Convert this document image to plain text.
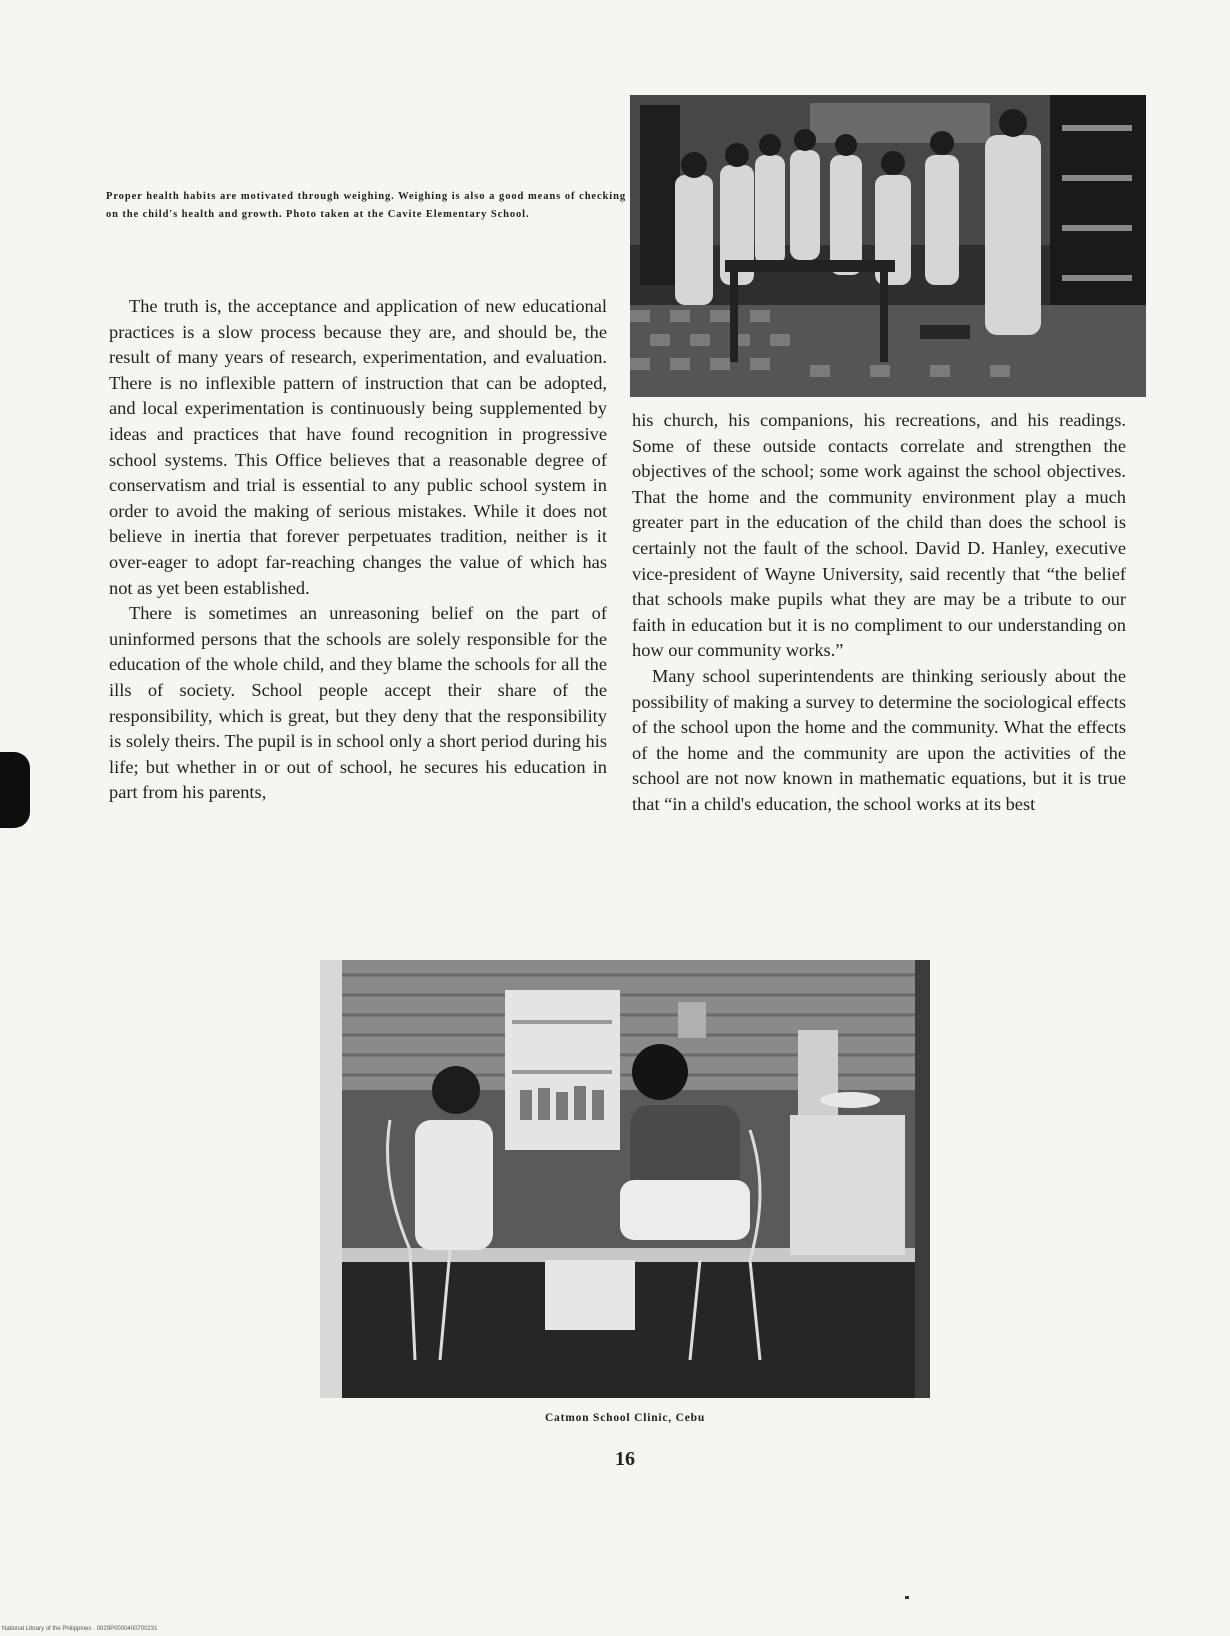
Proper health habits are motivated through weighing. Weighing is also a good means of checking on the child's health and growth. Photo taken at the Cavite Elementary School.

The truth is, the acceptance and application of new educational practices is a slow process because they are, and should be, the result of many years of research, experimentation, and evaluation. There is no inflexible pattern of instruction that can be adopted, and local experimentation is continuously being supplemented by ideas and practices that have found recognition in progressive school systems. This Office believes that a reasonable degree of conservatism and trial is essential to any public school system in order to avoid the making of serious mistakes. While it does not believe in inertia that forever perpetuates tradition, neither is it over-eager to adopt far-reaching changes the value of which has not as yet been established.

There is sometimes an unreasoning belief on the part of uninformed persons that the schools are solely responsible for the education of the whole child, and they blame the schools for all the ills of society. School people accept their share of the responsibility, which is great, but they deny that the responsibility is solely theirs. The pupil is in school only a short period during his life; but whether in or out of school, he secures his education in part from his parents,

his church, his companions, his recreations, and his readings. Some of these outside contacts correlate and strengthen the objectives of the school; some work against the school objectives. That the home and the community environment play a much greater part in the education of the child than does the school is certainly not the fault of the school. David D. Hanley, executive vice-president of Wayne University, said recently that “the belief that schools make pupils what they are may be a tribute to our faith in education but it is no compliment to our understanding on how our community works.”

Many school superintendents are thinking seriously about the possibility of making a survey to determine the sociological effects of the school upon the home and the community. What the effects of the home and the community are upon the activities of the school are not now known in mathematic equations, but it is true that “in a child's education, the school works at its best

Catmon School Clinic, Cebu
16
National Library of the Philippines · 0029P0000400700231
